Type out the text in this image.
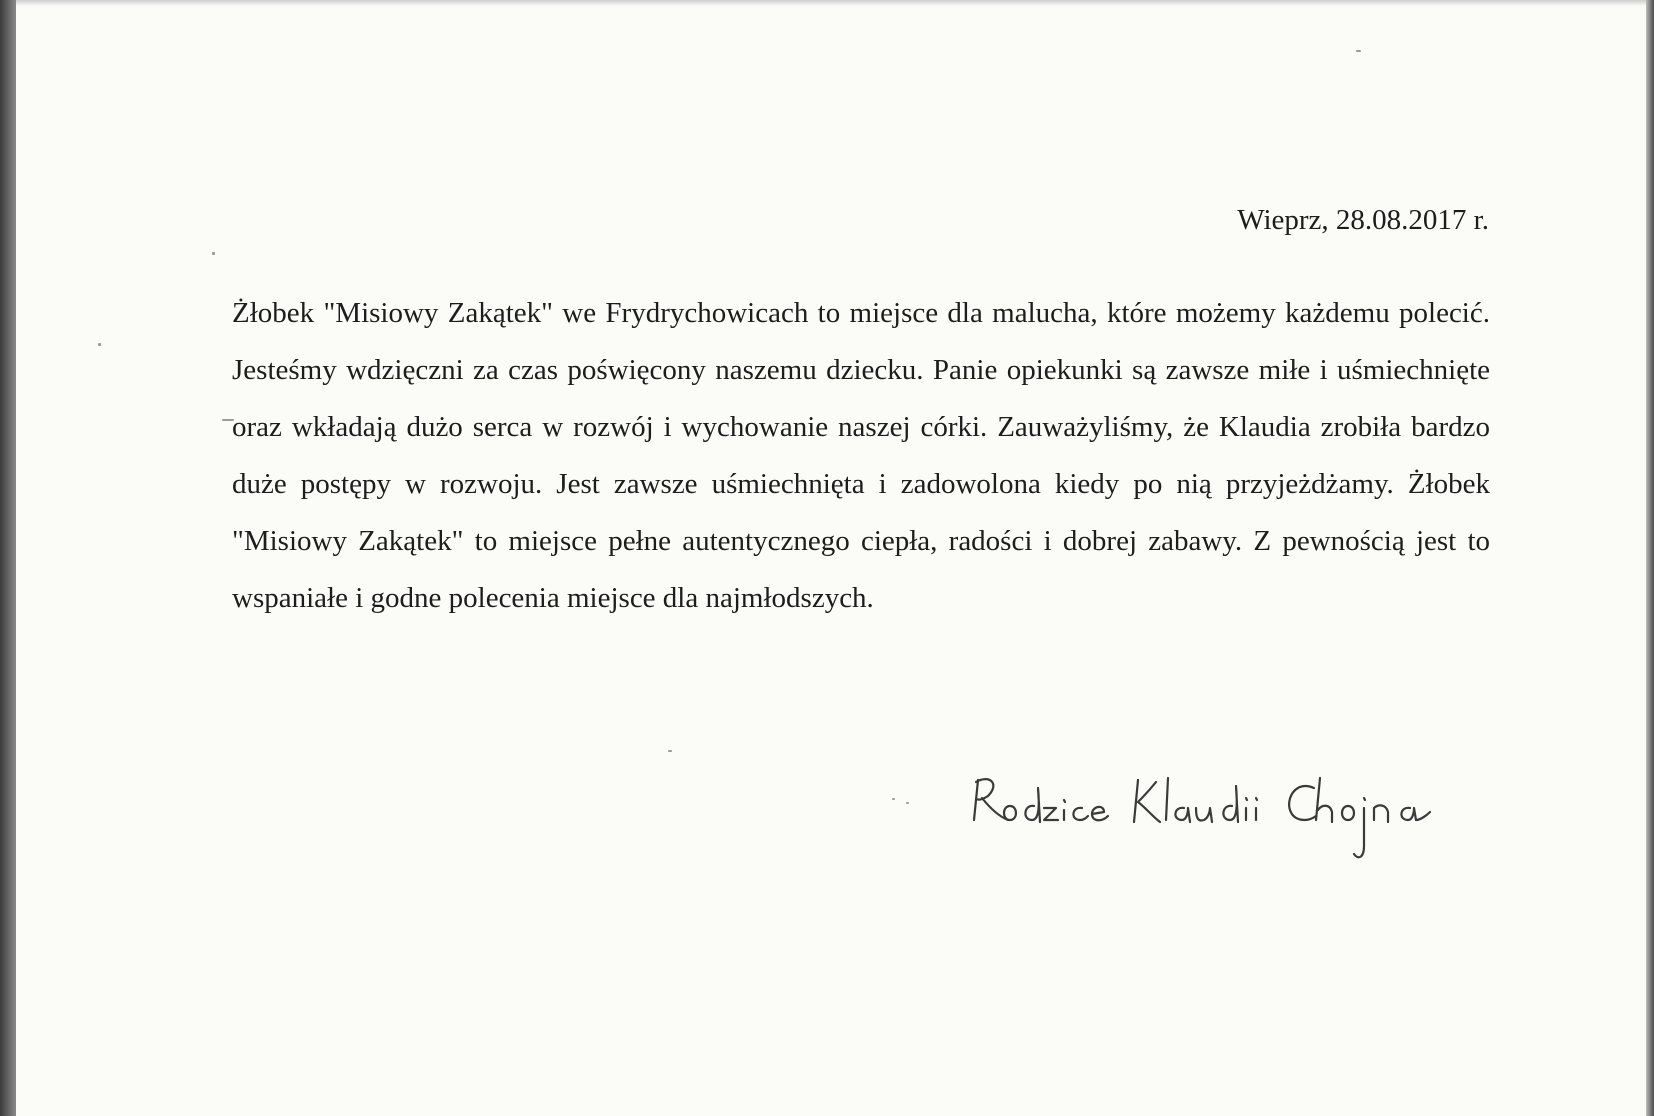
Wieprz, 28.08.2017 r.

Żłobek "Misiowy Zakątek" we Frydrychowicach to miejsce dla malucha, które możemy każdemu polecić. Jesteśmy wdzięczni za czas poświęcony naszemu dziecku. Panie opiekunki są zawsze miłe i uśmiechnięte oraz wkładają dużo serca w rozwój i wychowanie naszej córki. Zauważyliśmy, że Klaudia zrobiła bardzo duże postępy w rozwoju. Jest zawsze uśmiechnięta i zadowolona kiedy po nią przyjeżdżamy. Żłobek "Misiowy Zakątek" to miejsce pełne autentycznego ciepła, radości i dobrej zabawy. Z pewnością jest to wspaniałe i godne polecenia miejsce dla najmłodszych.
